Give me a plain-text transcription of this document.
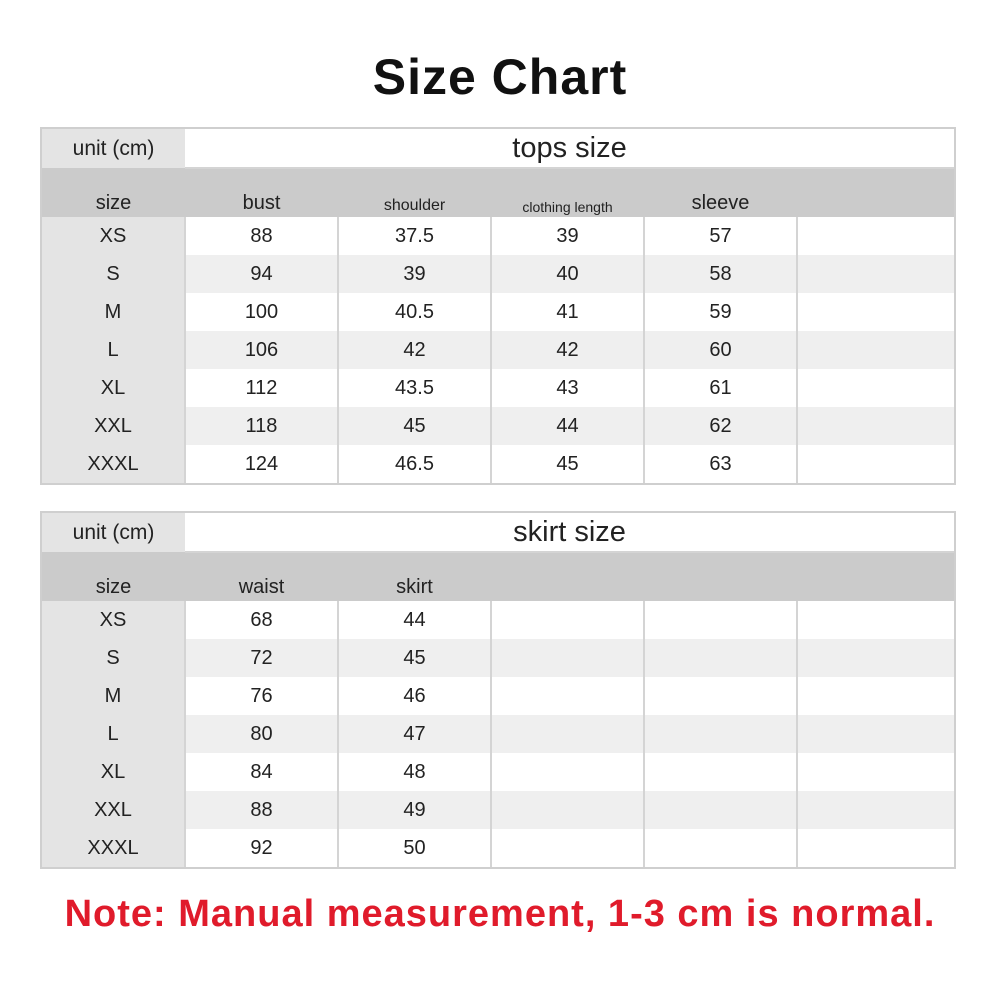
Size Chart
unit (cm)	tops size				
size	bust	shoulder	clothing length	sleeve	
XS	88	37.5	39	57	
S	94	39	40	58	
M	100	40.5	41	59	
L	106	42	42	60	
XL	112	43.5	43	61	
XXL	118	45	44	62	
XXXL	124	46.5	45	63	
unit (cm)	skirt size				
size	waist	skirt			
XS	68	44			
S	72	45			
M	76	46			
L	80	47			
XL	84	48			
XXL	88	49			
XXXL	92	50			
Note: Manual measurement, 1-3 cm is normal.
